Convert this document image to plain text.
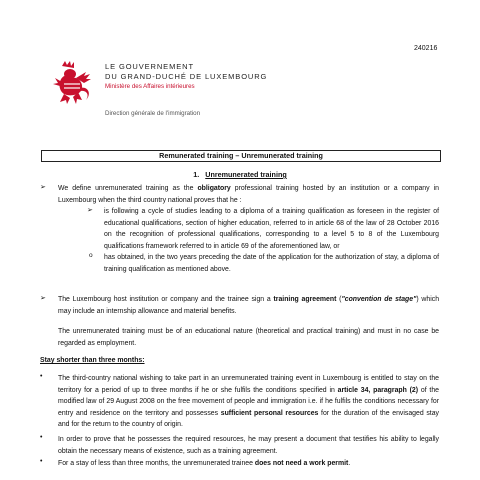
240216
LE GOUVERNEMENT
DU GRAND-DUCHÉ DE LUXEMBOURG
Ministère des Affaires intérieures
Direction générale de l'immigration
Remunerated training – Unremunerated training
1. Unremunerated training
➢ We define unremunerated training as the obligatory professional training hosted by an institution or a company in Luxembourg when the third country national proves that he :
➢ is following a cycle of studies leading to a diploma of a training qualification as foreseen in the register of educational qualifications, section of higher education, referred to in article 68 of the law of 28 October 2016 on the recognition of professional qualifications, corresponding to a level 5 to 8 of the Luxembourg qualifications framework referred to in article 69 of the aforementioned law, or
o has obtained, in the two years preceding the date of the application for the authorization of stay, a diploma of training qualification as mentioned above.
➢ The Luxembourg host institution or company and the trainee sign a training agreement ("convention de stage") which may include an internship allowance and material benefits.
The unremunerated training must be of an educational nature (theoretical and practical training) and must in no case be regarded as employment.
Stay shorter than three months:
• The third-country national wishing to take part in an unremunerated training event in Luxembourg is entitled to stay on the territory for a period of up to three months if he or she fulfils the conditions specified in article 34, paragraph (2) of the modified law of 29 August 2008 on the free movement of people and immigration i.e. if he fulfils the conditions necessary for entry and residence on the territory and possesses sufficient personal resources for the duration of the envisaged stay and for the return to the country of origin.
• In order to prove that he possesses the required resources, he may present a document that testifies his ability to legally obtain the necessary means of existence, such as a training agreement.
• For a stay of less than three months, the unremunerated trainee does not need a work permit.
